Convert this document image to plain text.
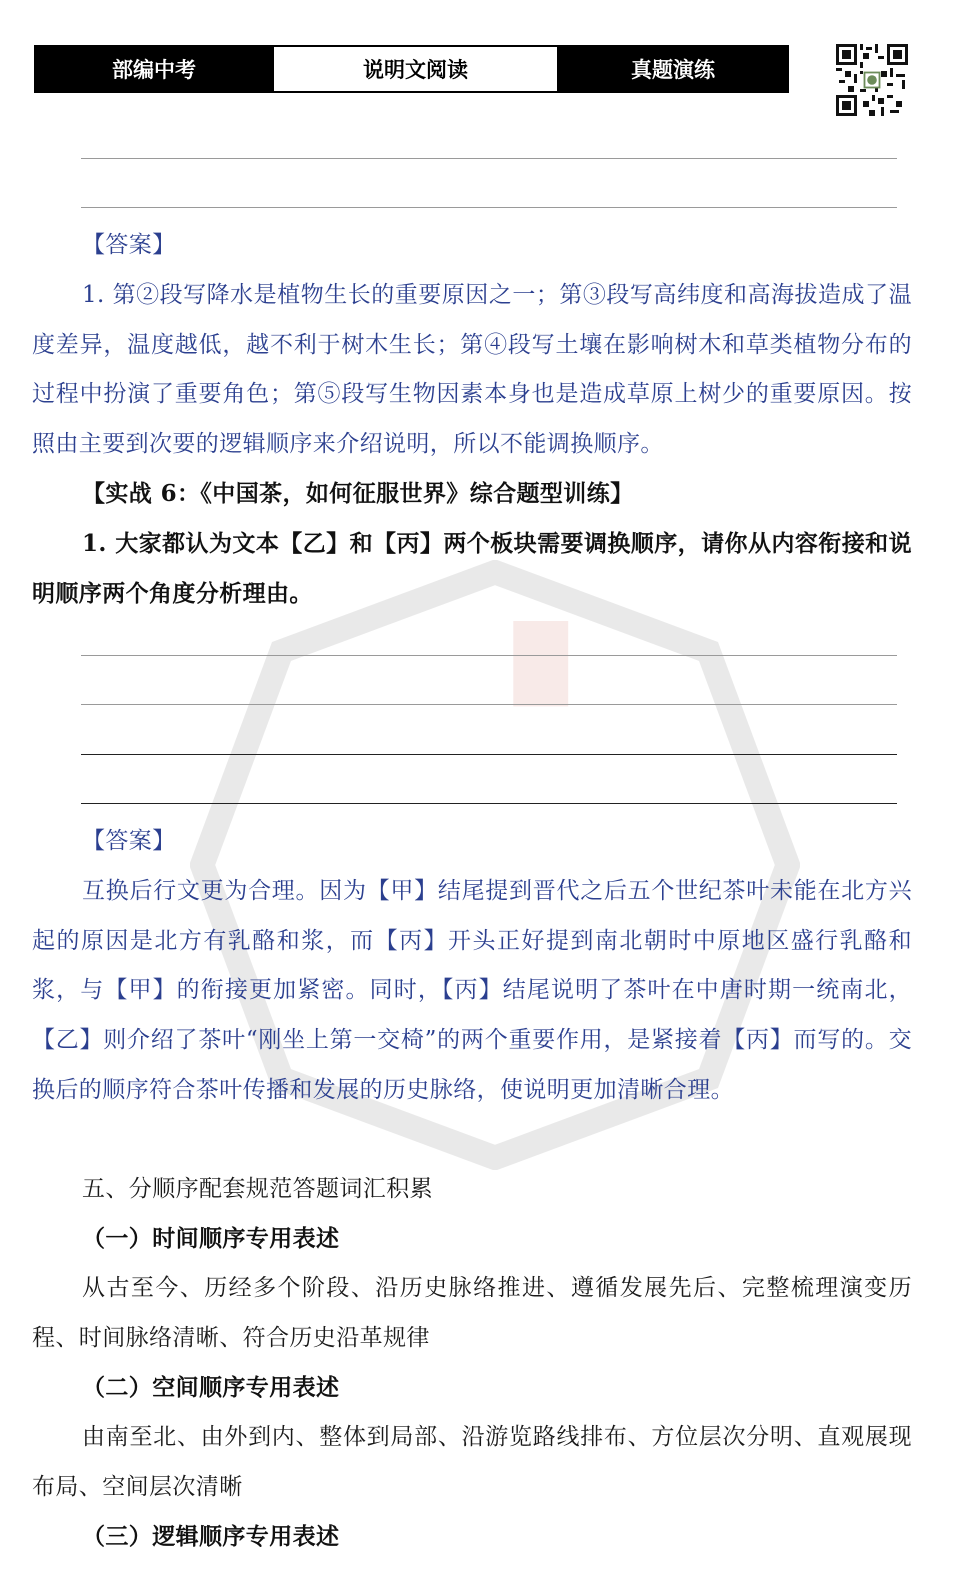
部编中考	说明文阅读	真题演练

【答案】

1. 第②段写降水是植物生长的重要原因之一；第③段写高纬度和高海拔造成了温度差异，温度越低，越不利于树木生长；第④段写土壤在影响树木和草类植物分布的过程中扮演了重要角色；第⑤段写生物因素本身也是造成草原上树少的重要原因。按照由主要到次要的逻辑顺序来介绍说明，所以不能调换顺序。

【实战 6：《中国茶，如何征服世界》综合题型训练】

1. 大家都认为文本【乙】和【丙】两个板块需要调换顺序，请你从内容衔接和说明顺序两个角度分析理由。

【答案】

互换后行文更为合理。因为【甲】结尾提到晋代之后五个世纪茶叶未能在北方兴起的原因是北方有乳酪和浆，而【丙】开头正好提到南北朝时中原地区盛行乳酪和浆，与【甲】的衔接更加紧密。同时，【丙】结尾说明了茶叶在中唐时期一统南北，【乙】则介绍了茶叶“刚坐上第一交椅”的两个重要作用，是紧接着【丙】而写的。交换后的顺序符合茶叶传播和发展的历史脉络，使说明更加清晰合理。

五、分顺序配套规范答题词汇积累

（一）时间顺序专用表述

从古至今、历经多个阶段、沿历史脉络推进、遵循发展先后、完整梳理演变历程、时间脉络清晰、符合历史沿革规律

（二）空间顺序专用表述

由南至北、由外到内、整体到局部、沿游览路线排布、方位层次分明、直观展现布局、空间层次清晰

（三）逻辑顺序专用表述
